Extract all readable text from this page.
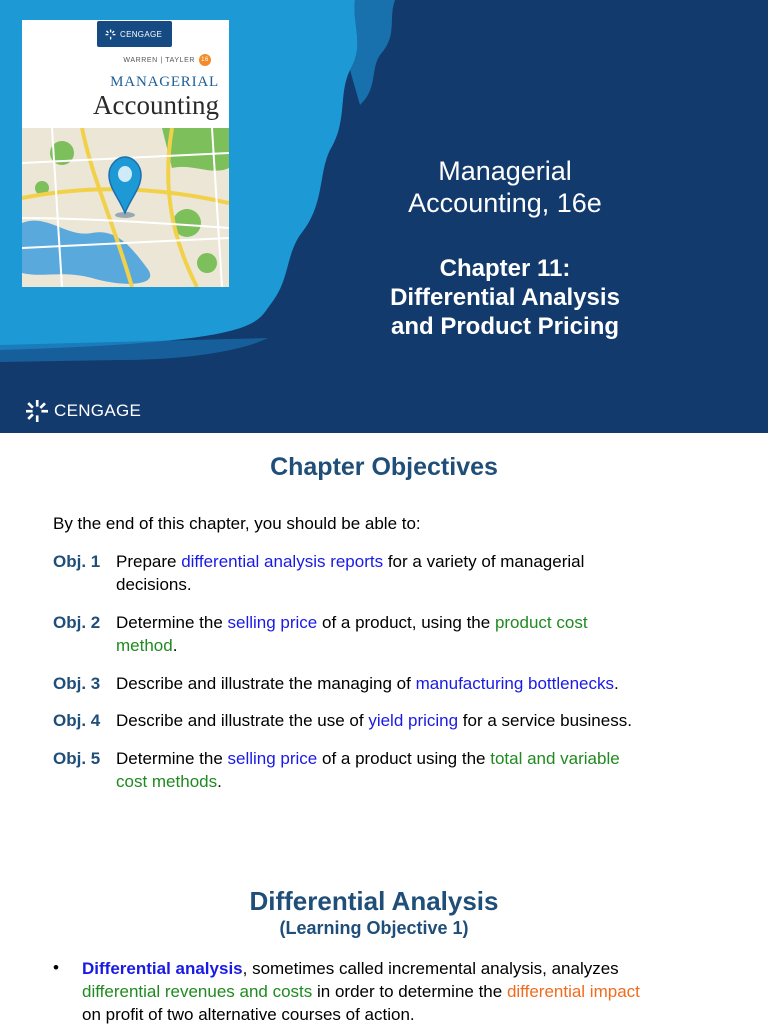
CENGAGE
WARREN | TAYLER	16
MANAGERIAL
Accounting
Managerial
Accounting, 16e
Chapter 11:
Differential Analysis
and Product Pricing
CENGAGE
Chapter Objectives
By the end of this chapter, you should be able to:
Obj. 1 Prepare differential analysis reports for a variety of managerial
decisions.
Obj. 2 Determine the selling price of a product, using the product cost
method.
Obj. 3 Describe and illustrate the managing of manufacturing bottlenecks.
Obj. 4 Describe and illustrate the use of yield pricing for a service business.
Obj. 5 Determine the selling price of a product using the total and variable
cost methods.
Differential Analysis
(Learning Objective 1)
• Differential analysis, sometimes called incremental analysis, analyzes
differential revenues and costs in order to determine the differential impact
on profit of two alternative courses of action.
